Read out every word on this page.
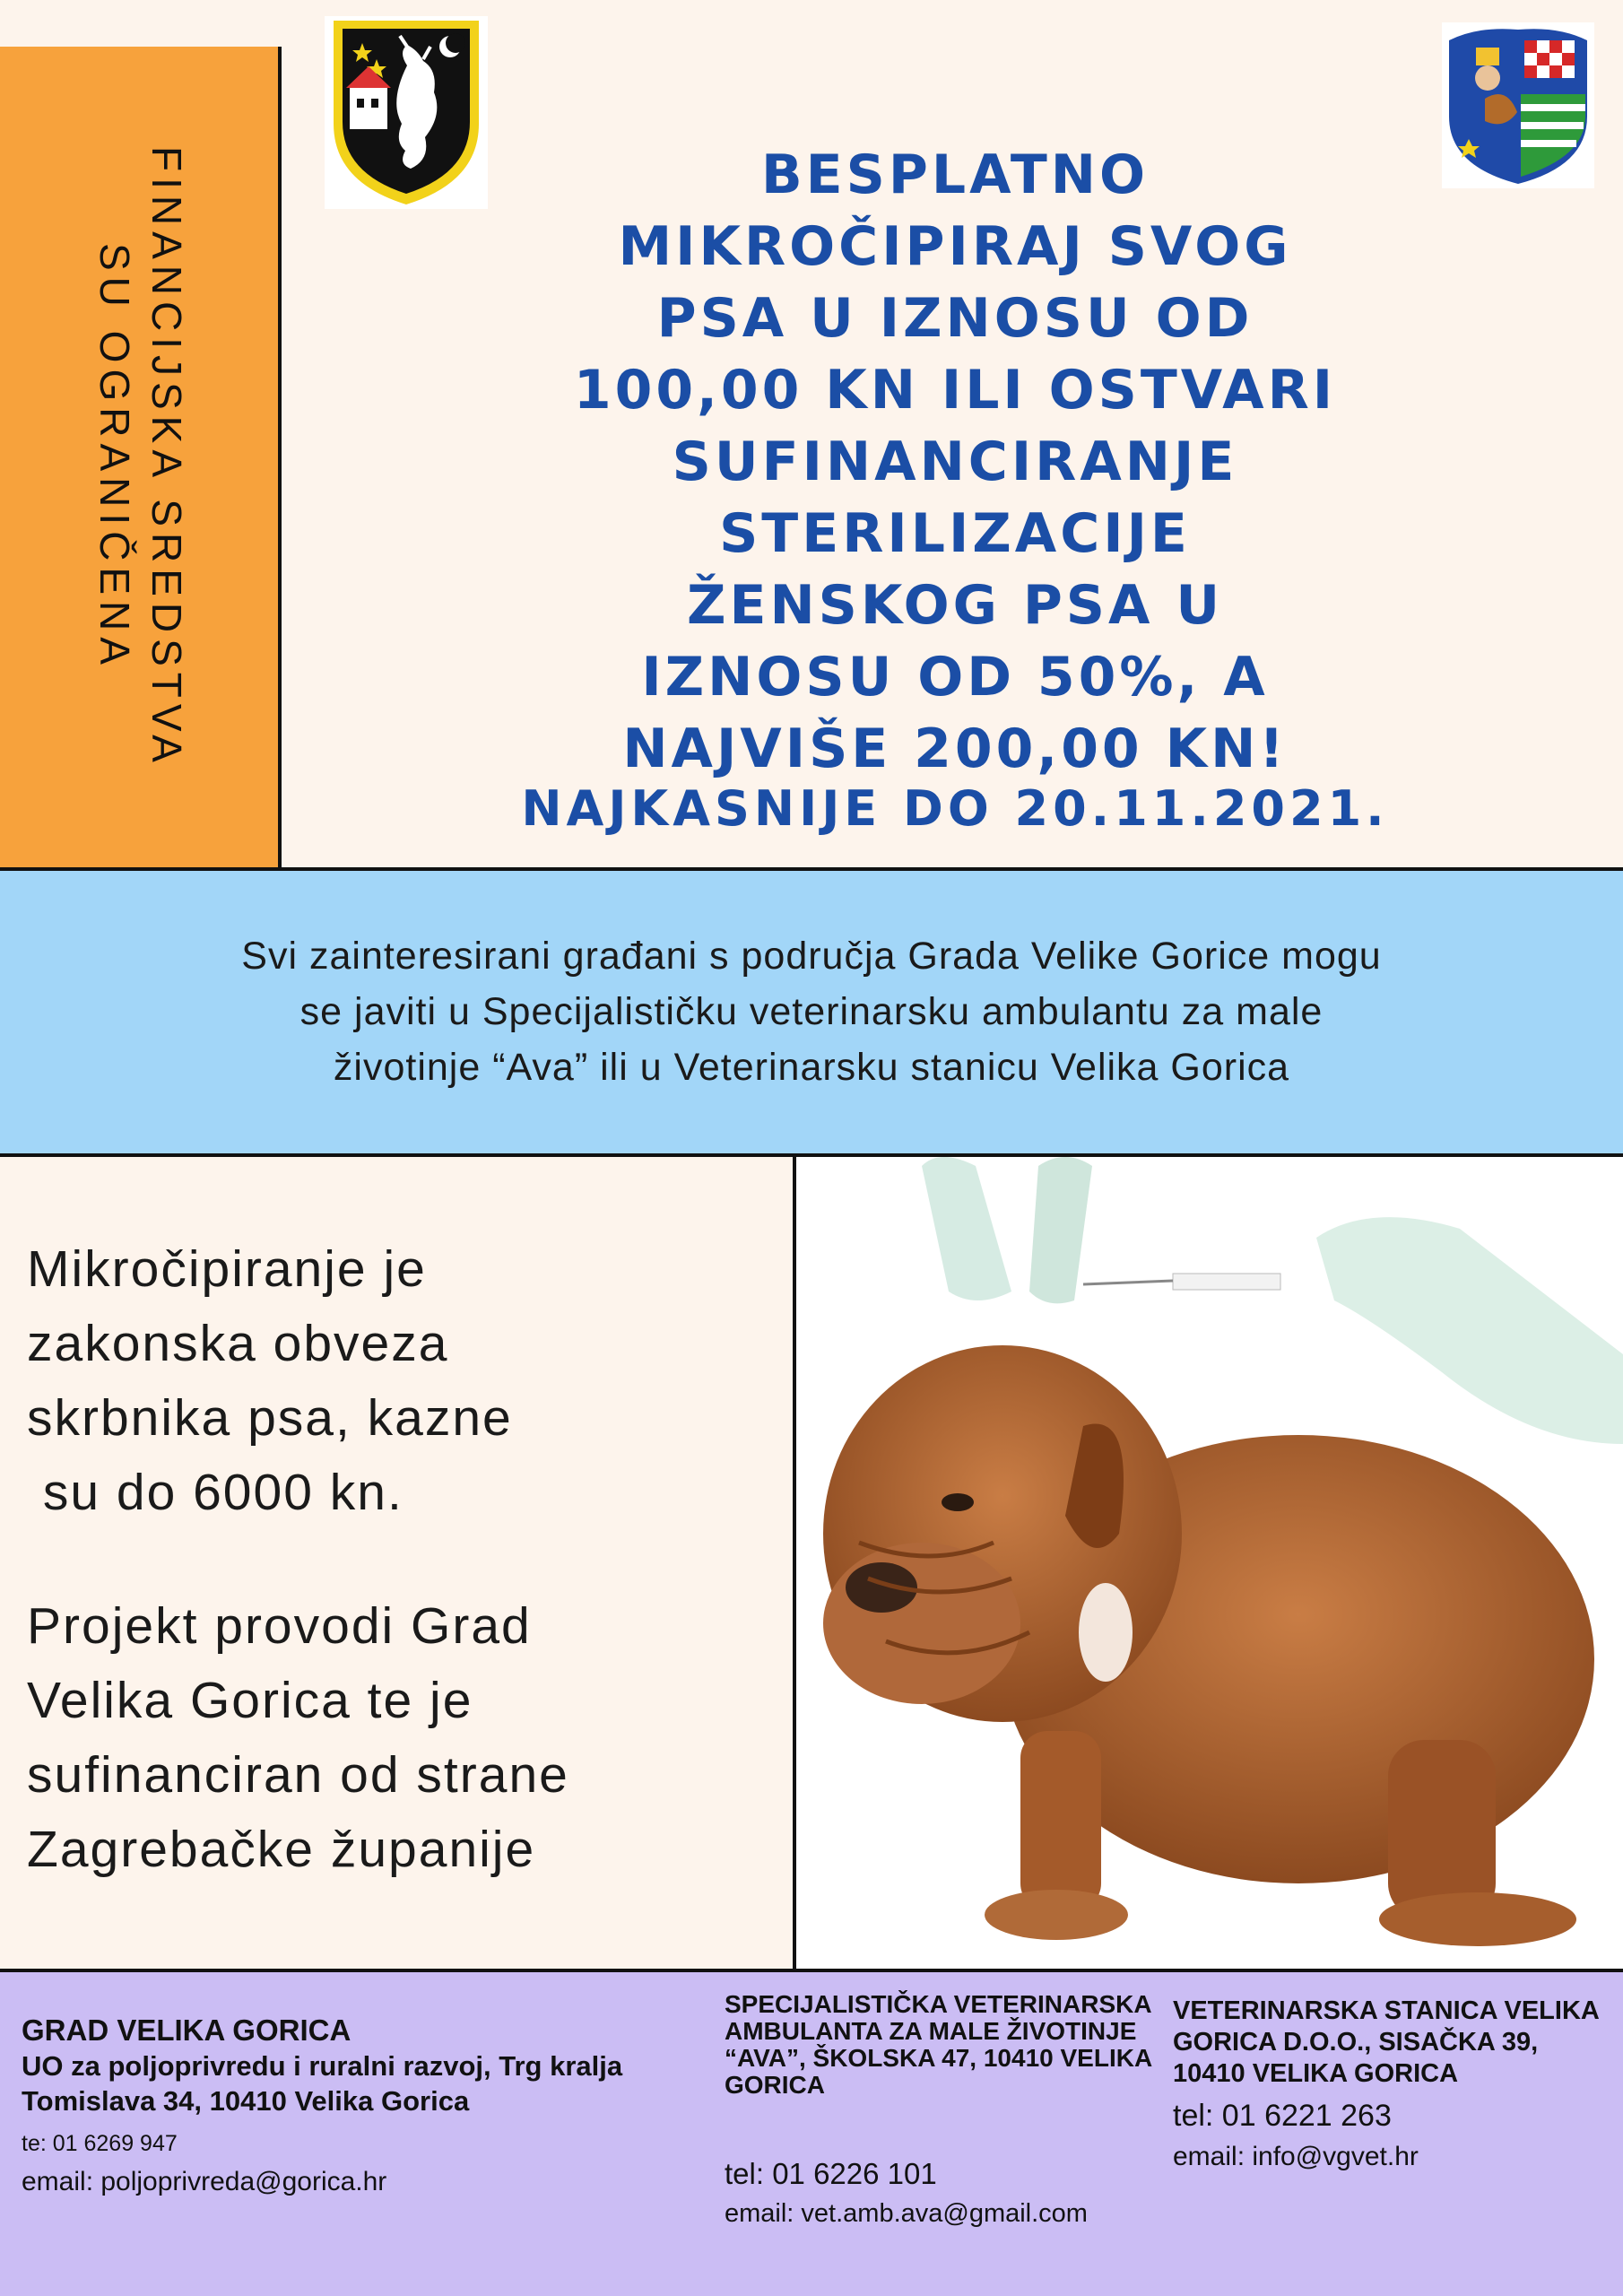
FINANCIJSKA SREDSTVA
SU OGRANIČENA
BESPLATNO
MIKROČIPIRAJ SVOG
PSA U IZNOSU OD
100,00 KN ILI OSTVARI
SUFINANCIRANJE
STERILIZACIJE
ŽENSKOG PSA U
IZNOSU OD 50%, A
NAJVIŠE 200,00 KN!
NAJKASNIJE DO 20.11.2021.
Svi zainteresirani građani s područja Grada Velike Gorice mogu
se javiti u Specijalističku veterinarsku ambulantu za male
životinje “Ava” ili u Veterinarsku stanicu Velika Gorica
Mikročipiranje je
zakonska obveza
skrbnika psa, kazne
su do 6000 kn.
Projekt provodi Grad
Velika Gorica te je
sufinanciran od strane
Zagrebačke županije
GRAD VELIKA GORICA
UO za poljoprivredu i ruralni razvoj, Trg kralja Tomislava 34, 10410 Velika Gorica
te: 01 6269 947
email: poljoprivreda@gorica.hr
SPECIJALISTIČKA VETERINARSKA AMBULANTA ZA MALE ŽIVOTINJE “AVA”, ŠKOLSKA 47, 10410 VELIKA GORICA
tel: 01 6226 101
email: vet.amb.ava@gmail.com
VETERINARSKA STANICA VELIKA GORICA D.O.O., SISAČKA 39, 10410 VELIKA GORICA
tel: 01 6221 263
email: info@vgvet.hr
